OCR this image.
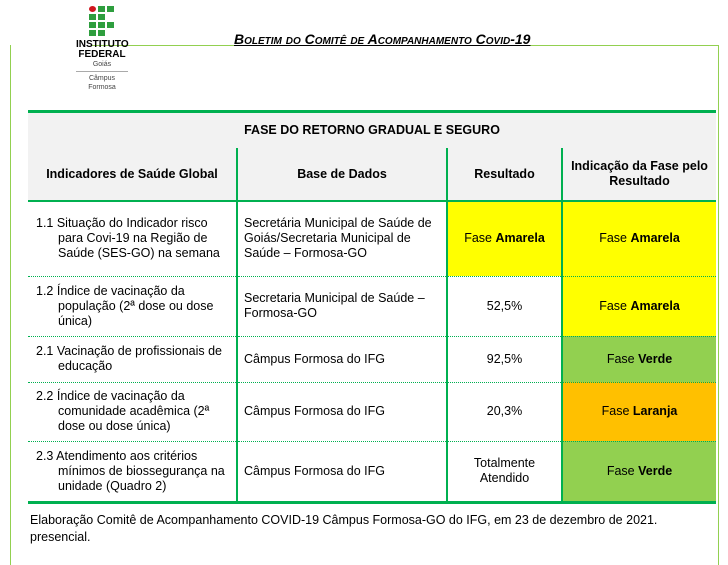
INSTITUTO
FEDERAL
Goiás
Câmpus
Formosa
Boletim do Comitê de Acompanhamento Covid-19
FASE DO RETORNO GRADUAL E SEGURO			
Indicadores de Saúde Global	Base de Dados	Resultado	Indicação da Fase pelo Resultado

1.1 Situação do Indicador risco para Covi-19 na Região de Saúde (SES-GO) na semana	Secretária Municipal de Saúde de Goiás/Secretaria Municipal de Saúde – Formosa-GO	Fase Amarela	Fase Amarela

1.2 Índice de vacinação da população (2ª dose ou dose única)	Secretaria Municipal de Saúde – Formosa-GO	52,5%	Fase Amarela

2.1 Vacinação de profissionais de educação	Câmpus Formosa do IFG	92,5%	Fase Verde

2.2 Índice de vacinação da comunidade acadêmica (2ª dose ou dose única)	Câmpus Formosa do IFG	20,3%	Fase Laranja

2.3 Atendimento aos critérios mínimos de biossegurança na unidade (Quadro 2)	Câmpus Formosa do IFG	Totalmente Atendido	Fase Verde
Elaboração Comitê de Acompanhamento COVID-19 Câmpus Formosa-GO do IFG, em 23 de dezembro de 2021. presencial.
